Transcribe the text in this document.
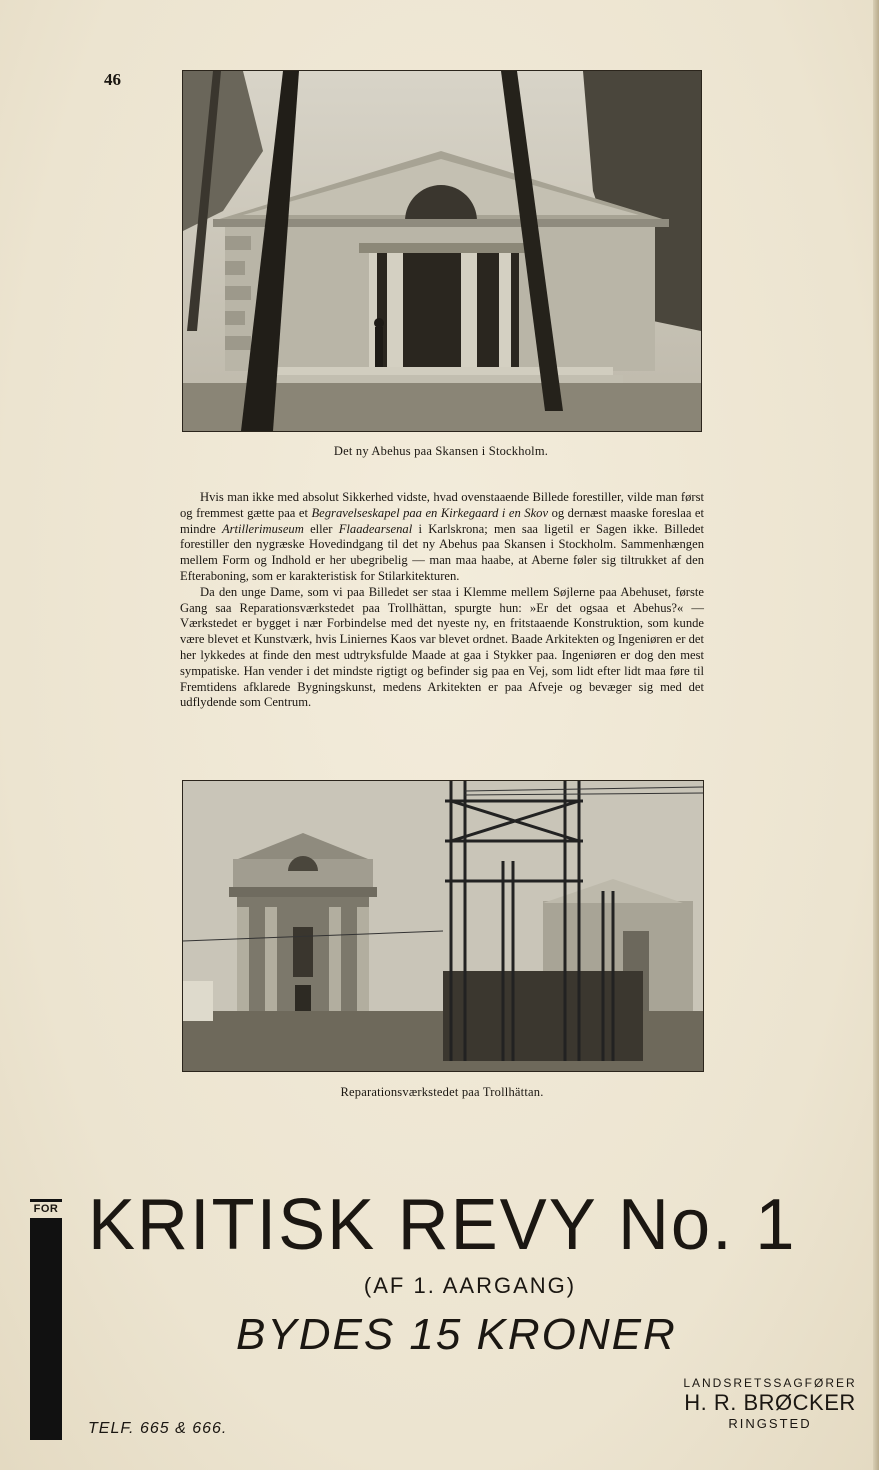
46
Det ny Abehus paa Skansen i Stockholm.

Hvis man ikke med absolut Sikkerhed vidste, hvad ovenstaaende Billede forestiller, vilde man først og fremmest gætte paa et Begravelseskapel paa en Kirkegaard i en Skov og dernæst maaske foreslaa et mindre Artillerimuseum eller Flaadearsenal i Karlskrona; men saa ligetil er Sagen ikke. Billedet forestiller den nygræske Hovedindgang til det ny Abehus paa Skansen i Stockholm. Sammenhængen mellem Form og Indhold er her ubegribelig — man maa haabe, at Aberne føler sig tiltrukket af den Efteraboning, som er karakteristisk for Stilarkitekturen.

Da den unge Dame, som vi paa Billedet ser staa i Klemme mellem Søjlerne paa Abehuset, første Gang saa Reparationsværkstedet paa Trollhättan, spurgte hun: »Er det ogsaa et Abehus?« — Værkstedet er bygget i nær Forbindelse med det nyeste ny, en fritstaaende Konstruktion, som kunde være blevet et Kunstværk, hvis Liniernes Kaos var blevet ordnet. Baade Arkitekten og Ingeniøren er det her lykkedes at finde den mest udtryksfulde Maade at gaa i Stykker paa. Ingeniøren er dog den mest sympatiske. Han vender i det mindste rigtigt og befinder sig paa en Vej, som lidt efter lidt maa føre til Fremtidens afklarede Bygningskunst, medens Arkitekten er paa Afveje og bevæger sig med det udflydende som Centrum.

Reparationsværkstedet paa Trollhättan.
FOR KRITISK REVY No. 1
(AF 1. AARGANG)
BYDES 15 KRONER
TELF. 665 & 666.
LANDSRETSSAGFØRER
H. R. BRØCKER
RINGSTED
